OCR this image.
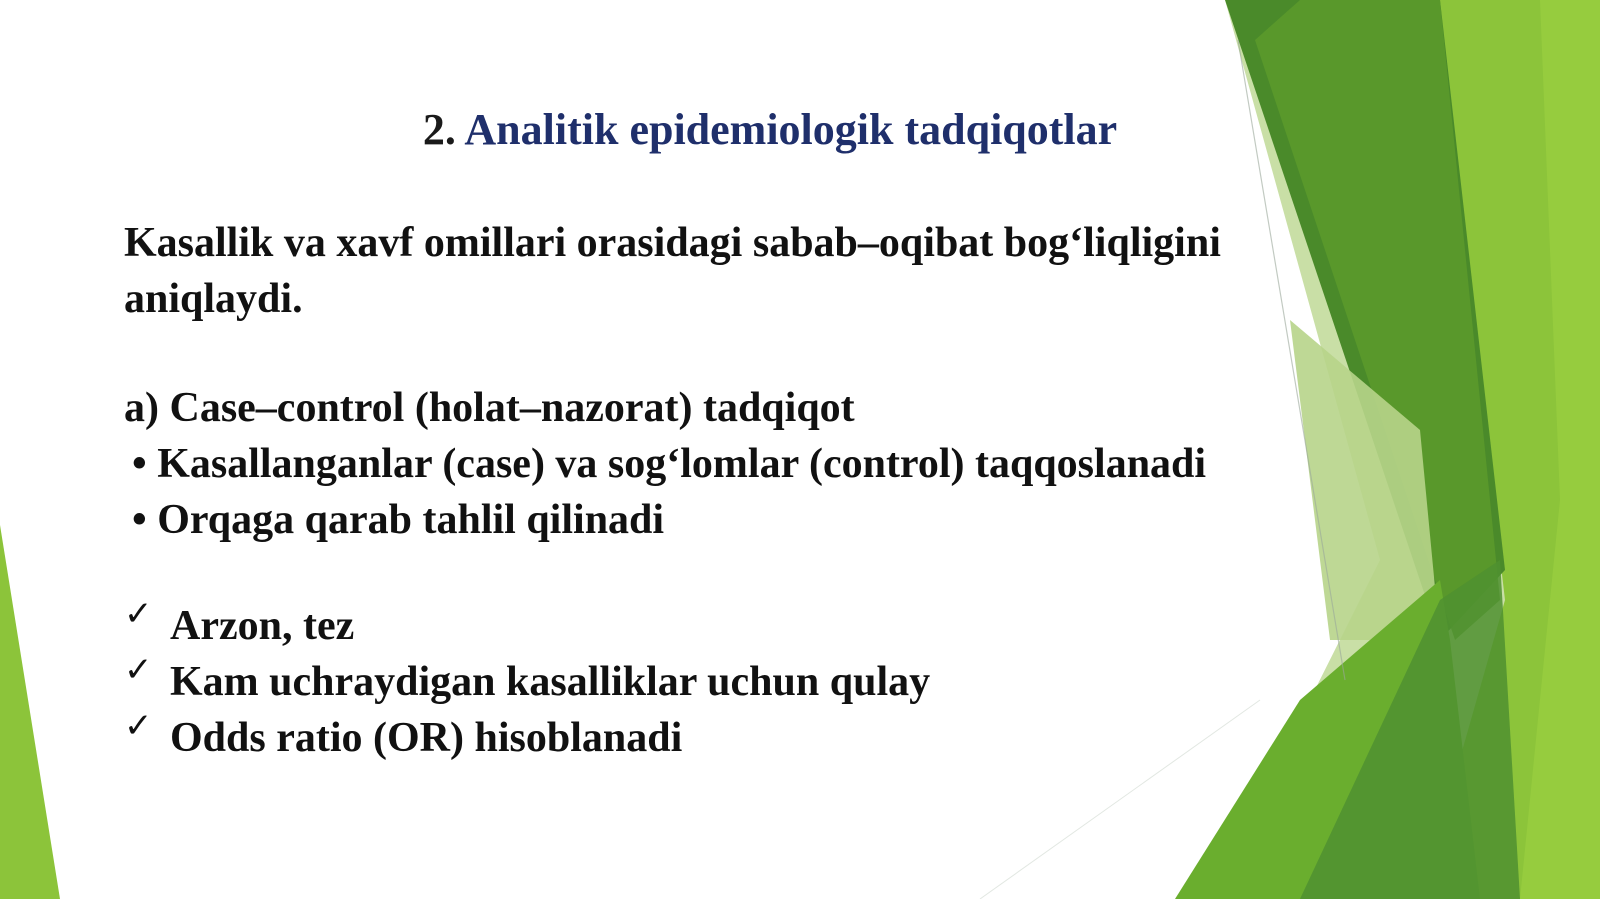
2. Analitik epidemiologik tadqiqotlar
Kasallik va xavf omillari orasidagi sabab–oqibat bog‘liqligini aniqlaydi.
a) Case–control (holat–nazorat) tadqiqot
• Kasallanganlar (case) va sog‘lomlar (control) taqqoslanadi
• Orqaga qarab tahlil qilinadi
✓ Arzon, tez
✓ Kam uchraydigan kasalliklar uchun qulay
✓ Odds ratio (OR) hisoblanadi
